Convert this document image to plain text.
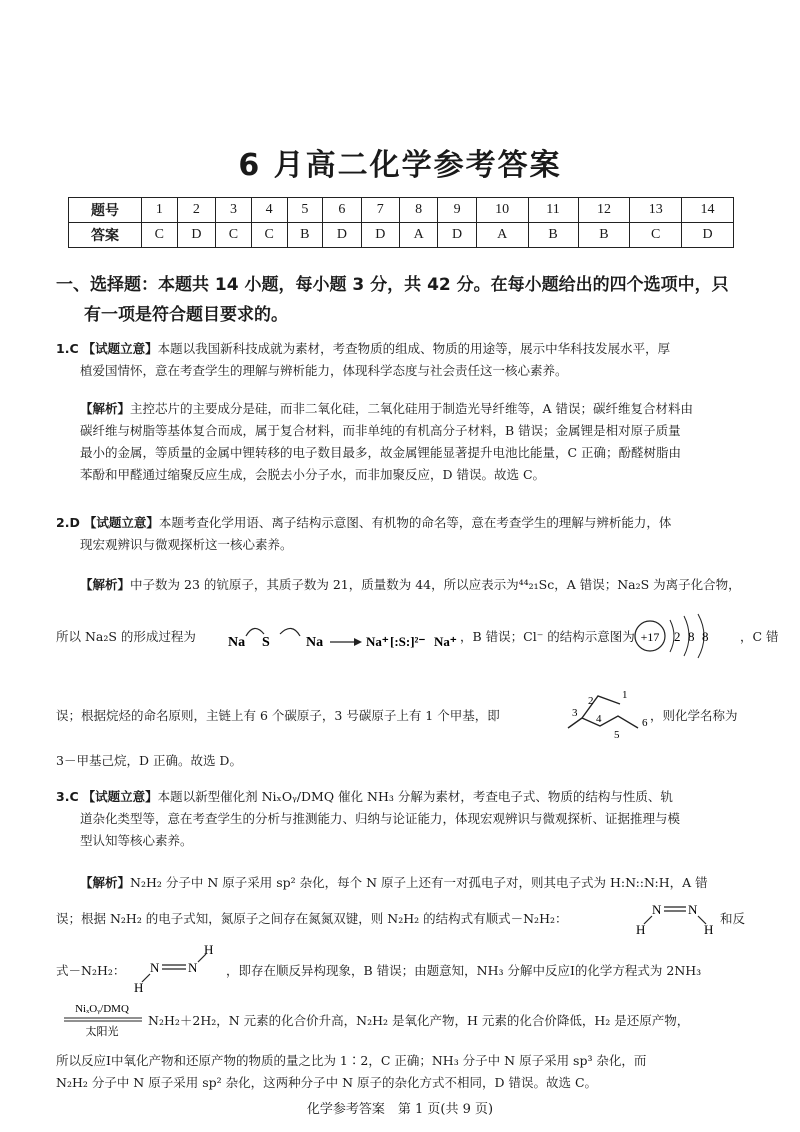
6 月高二化学参考答案
题号	1	2	3	4	5	6	7	8	9	10	11	12	13	14
答案	C	D	C	C	B	D	D	A	D	A	B	B	C	D
一、选择题：本题共 14 小题，每小题 3 分，共 42 分。在每小题给出的四个选项中，只
有一项是符合题目要求的。
1.C 【试题立意】本题以我国新科技成就为素材，考查物质的组成、物质的用途等，展示中华科技发展水平，厚
植爱国情怀，意在考查学生的理解与辨析能力，体现科学态度与社会责任这一核心素养。
【解析】主控芯片的主要成分是硅，而非二氧化硅，二氧化硅用于制造光导纤维等，A 错误；碳纤维复合材料由
碳纤维与树脂等基体复合而成，属于复合材料，而非单纯的有机高分子材料，B 错误；金属锂是相对原子质量
最小的金属，等质量的金属中锂转移的电子数目最多，故金属锂能显著提升电池比能量，C 正确；酚醛树脂由
苯酚和甲醛通过缩聚反应生成，会脱去小分子水，而非加聚反应，D 错误。故选 C。
2.D 【试题立意】本题考查化学用语、离子结构示意图、有机物的命名等，意在考查学生的理解与辨析能力，体
现宏观辨识与微观探析这一核心素养。
【解析】中子数为 23 的钪原子，其质子数为 21，质量数为 44，所以应表示为⁴⁴₂₁Sc，A 错误；Na₂S 为离子化合物，
所以 Na₂S 的形成过程为	Na S	Na	Na⁺ [:S:]²⁻ Na⁺ ，B 错误；Cl⁻ 的结构示意图为 +17 2 8 8	，C 错
误；根据烷烃的命名原则，主链上有 6 个碳原子，3 号碳原子上有 1 个甲基，即
1
2
3 4
5
6 ，则化学名称为
3－甲基己烷，D 正确。故选 D。
3.C 【试题立意】本题以新型催化剂 NiₓOᵧ/DMQ 催化 NH₃ 分解为素材，考查电子式、物质的结构与性质、轨
道杂化类型等，意在考查学生的分析与推测能力、归纳与论证能力，体现宏观辨识与微观探析、证据推理与模
型认知等核心素养。
【解析】N₂H₂ 分子中 N 原子采用 sp² 杂化，每个 N 原子上还有一对孤电子对，则其电子式为 H:N::N:H，A 错
误；根据 N₂H₂ 的电子式知，氮原子之间存在氮氮双键，则 N₂H₂ 的结构式有顺式－N₂H₂：
N N
H	H
和反
式－N₂H₂：	N N
H
H
，即存在顺反异构现象，B 错误；由题意知，NH₃ 分解中反应Ⅰ的化学方程式为 2NH₃
NiₓOᵧ/DMQ
太阳光
N₂H₂＋2H₂，N 元素的化合价升高，N₂H₂ 是氧化产物，H 元素的化合价降低，H₂ 是还原产物，
所以反应Ⅰ中氧化产物和还原产物的物质的量之比为 1∶2，C 正确；NH₃ 分子中 N 原子采用 sp³ 杂化，而
N₂H₂ 分子中 N 原子采用 sp² 杂化，这两种分子中 N 原子的杂化方式不相同，D 错误。故选 C。
化学参考答案　第 1 页(共 9 页)
